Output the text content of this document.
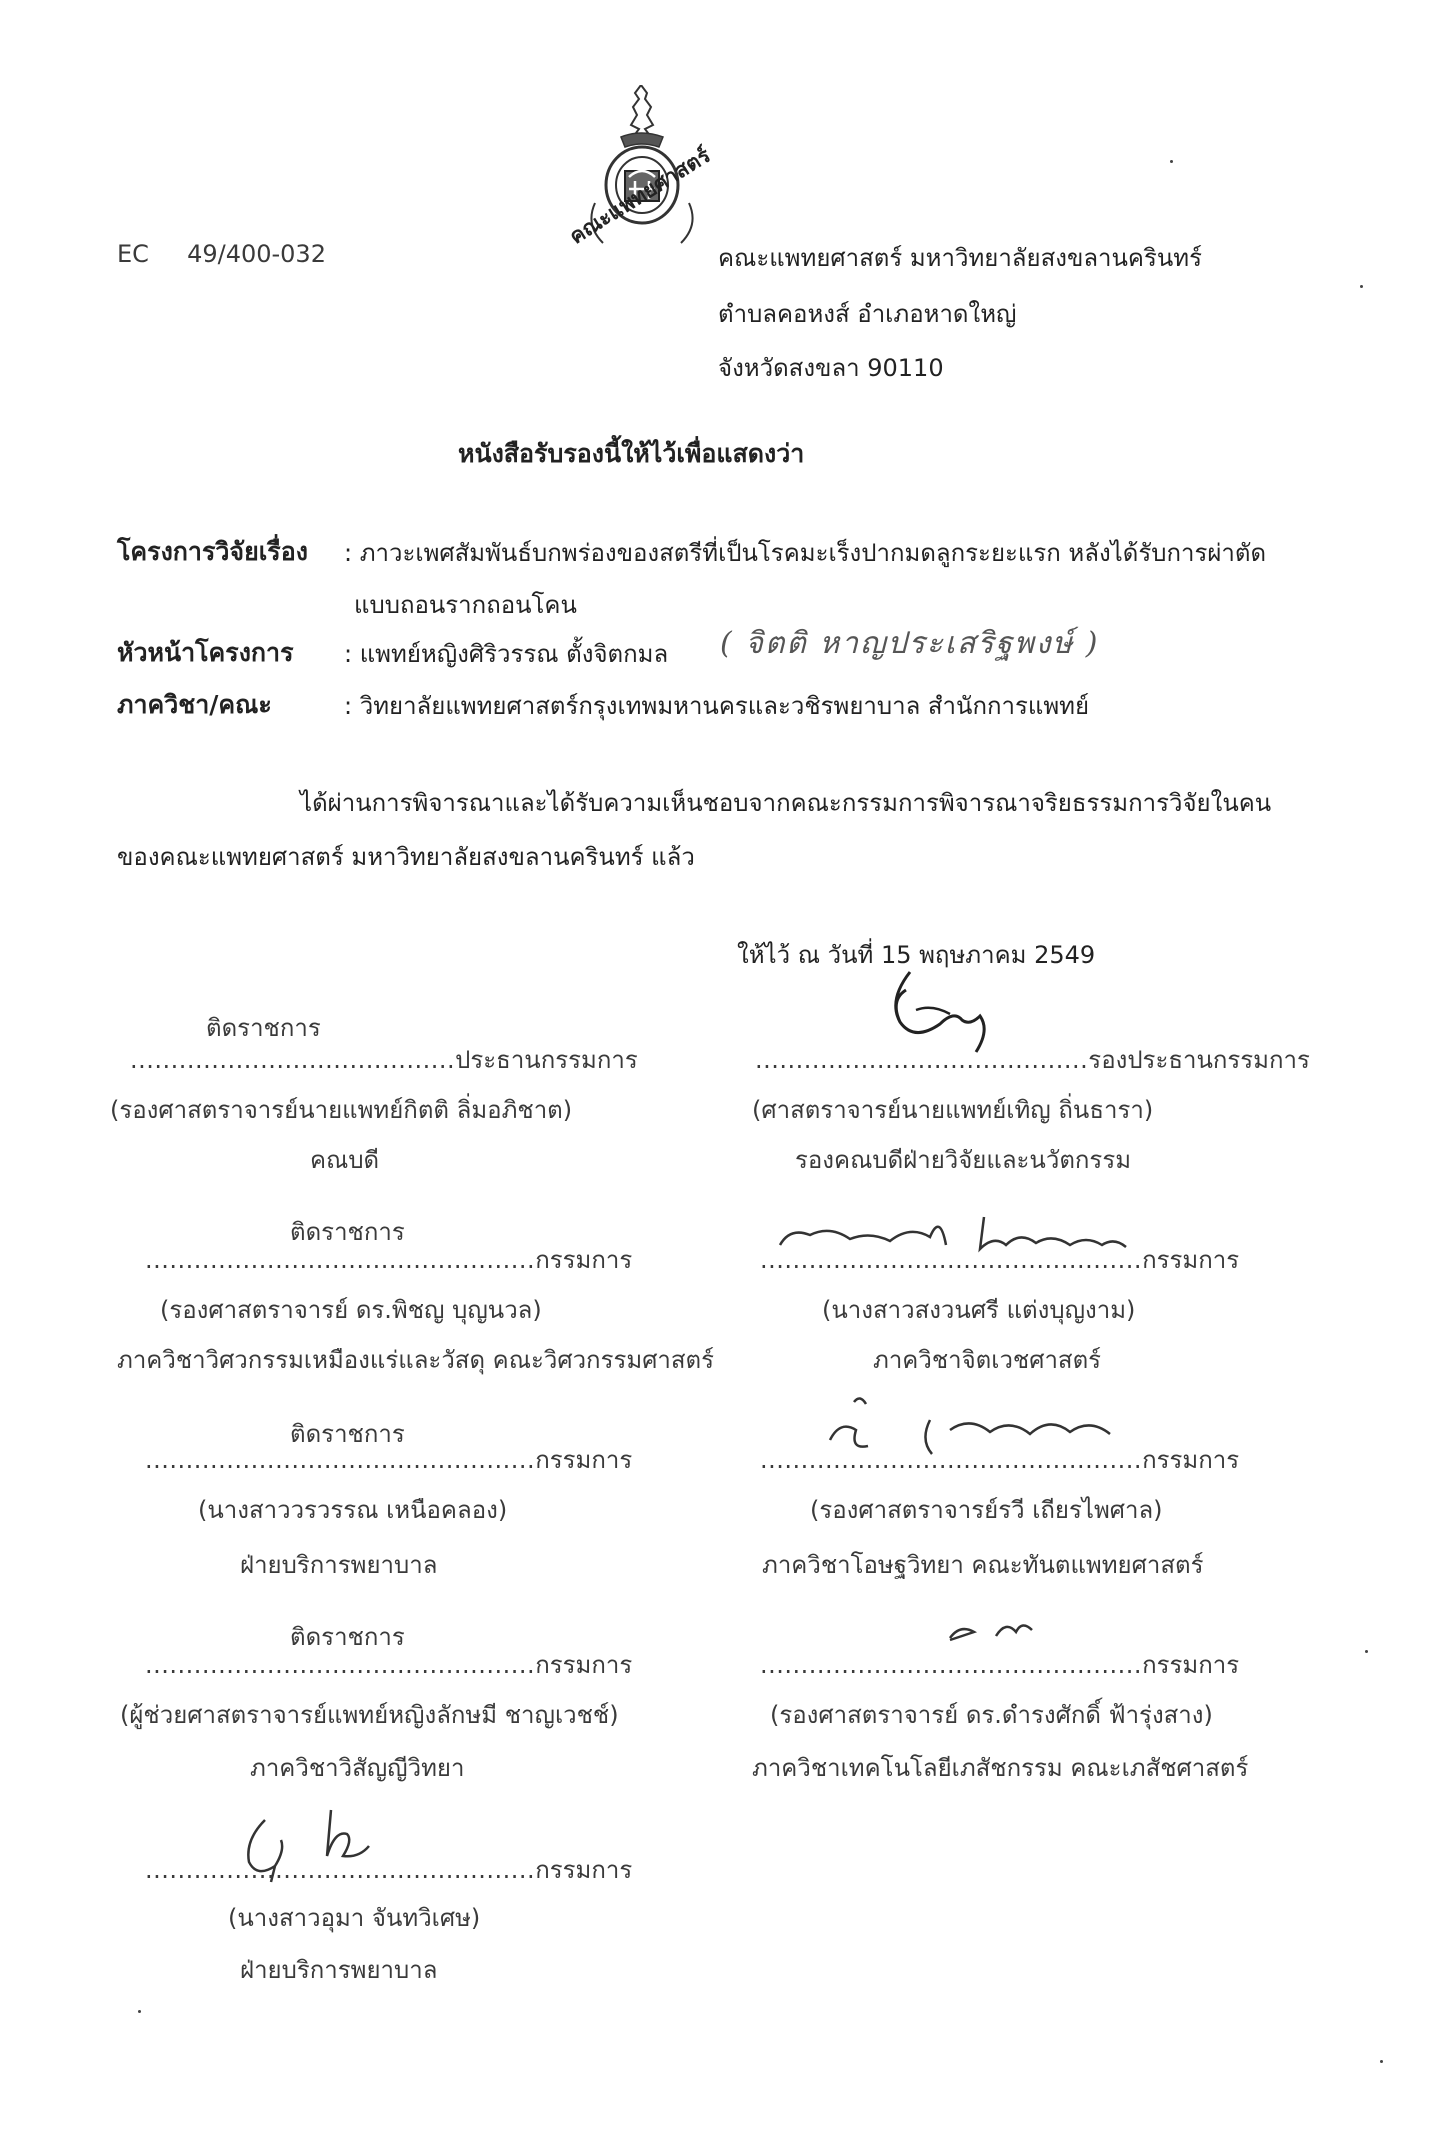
คณะแพทยศาสตร์
EC     49/400-032	คณะแพทยศาสตร์ มหาวิทยาลัยสงขลานครินทร์
ตำบลคอหงส์ อำเภอหาดใหญ่
จังหวัดสงขลา 90110
หนังสือรับรองนี้ให้ไว้เพื่อแสดงว่า
โครงการวิจัยเรื่อง : ภาวะเพศสัมพันธ์บกพร่องของสตรีที่เป็นโรคมะเร็งปากมดลูกระยะแรก หลังได้รับการผ่าตัด
แบบถอนรากถอนโคน
หัวหน้าโครงการ : แพทย์หญิงศิริวรรณ ตั้งจิตกมล ( จิตติ หาญประเสริฐพงษ์ )
ภาควิชา/คณะ	: วิทยาลัยแพทยศาสตร์กรุงเทพมหานครและวชิรพยาบาล สำนักการแพทย์
ได้ผ่านการพิจารณาและได้รับความเห็นชอบจากคณะกรรมการพิจารณาจริยธรรมการวิจัยในคน
ของคณะแพทยศาสตร์ มหาวิทยาลัยสงขลานครินทร์ แล้ว
ให้ไว้ ณ วันที่ 15 พฤษภาคม 2549
ติดราชการ
........................................ประธานกรรมการ
(รองศาสตราจารย์นายแพทย์กิตติ ลิ่มอภิชาต)
คณบดี
ติดราชการ
................................................กรรมการ
(รองศาสตราจารย์ ดร.พิชญ บุญนวล)
ภาควิชาวิศวกรรมเหมืองแร่และวัสดุ คณะวิศวกรรมศาสตร์
ติดราชการ
................................................กรรมการ
(นางสาววรวรรณ เหนือคลอง)
ฝ่ายบริการพยาบาล
ติดราชการ
................................................กรรมการ
(ผู้ช่วยศาสตราจารย์แพทย์หญิงลักษมี ชาญเวชช์)
ภาควิชาวิสัญญีวิทยา
................................................กรรมการ
(นางสาวอุมา จันทวิเศษ)
ฝ่ายบริการพยาบาล
.........................................รองประธานกรรมการ
(ศาสตราจารย์นายแพทย์เทิญ ถิ่นธารา)
รองคณบดีฝ่ายวิจัยและนวัตกรรม
...............................................กรรมการ
(นางสาวสงวนศรี แต่งบุญงาม)
ภาควิชาจิตเวชศาสตร์
...............................................กรรมการ
(รองศาสตราจารย์รวี เถียรไพศาล)
ภาควิชาโอษฐวิทยา คณะทันตแพทยศาสตร์
...............................................กรรมการ
(รองศาสตราจารย์ ดร.ดำรงศักดิ์ ฟ้ารุ่งสาง)
ภาควิชาเทคโนโลยีเภสัชกรรม คณะเภสัชศาสตร์
